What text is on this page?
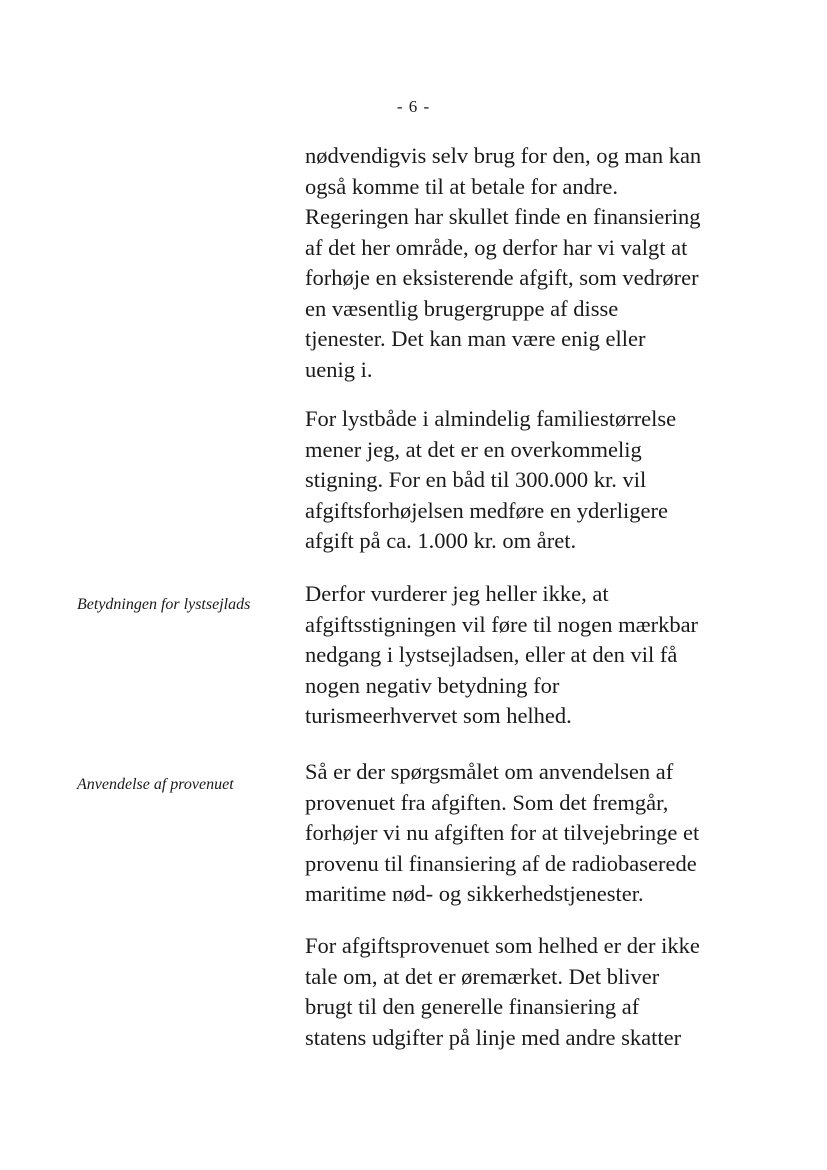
- 6 -
Betydningen for lystsejlads
Anvendelse af provenuet
nødvendigvis selv brug for den, og man kan
også komme til at betale for andre.
Regeringen har skullet finde en finansiering
af det her område, og derfor har vi valgt at
forhøje en eksisterende afgift, som vedrører
en væsentlig brugergruppe af disse
tjenester. Det kan man være enig eller
uenig i.
For lystbåde i almindelig familiestørrelse
mener jeg, at det er en overkommelig
stigning. For en båd til 300.000 kr. vil
afgiftsforhøjelsen medføre en yderligere
afgift på ca. 1.000 kr. om året.
Derfor vurderer jeg heller ikke, at
afgiftsstigningen vil føre til nogen mærkbar
nedgang i lystsejladsen, eller at den vil få
nogen negativ betydning for
turismeerhvervet som helhed.
Så er der spørgsmålet om anvendelsen af
provenuet fra afgiften. Som det fremgår,
forhøjer vi nu afgiften for at tilvejebringe et
provenu til finansiering af de radiobaserede
maritime nød- og sikkerhedstjenester.
For afgiftsprovenuet som helhed er der ikke
tale om, at det er øremærket. Det bliver
brugt til den generelle finansiering af
statens udgifter på linje med andre skatter
